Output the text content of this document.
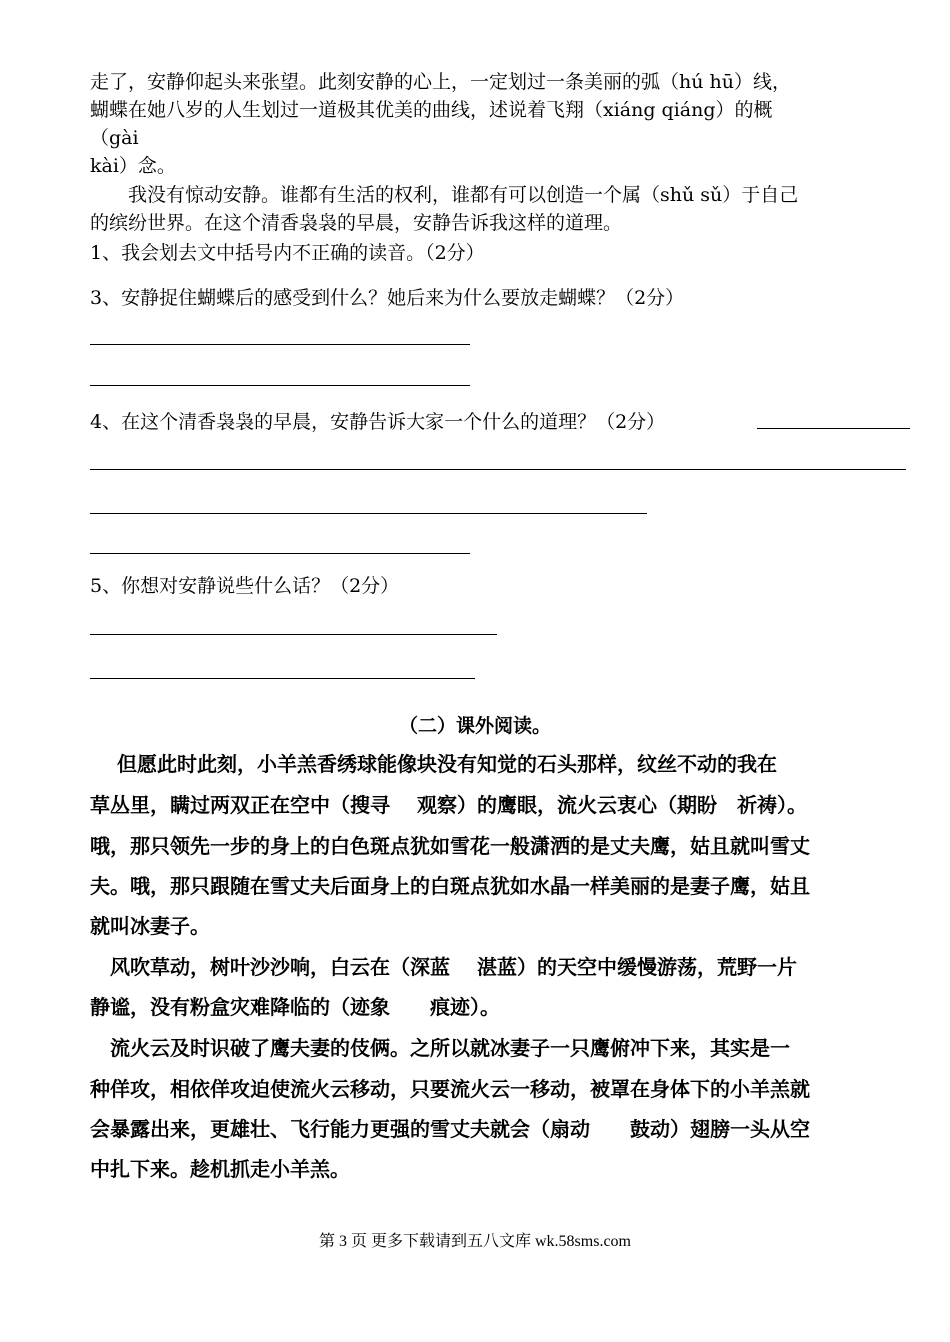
走了，安静仰起头来张望。此刻安静的心上，一定划过一条美丽的弧（hú hū）线，
蝴蝶在她八岁的人生划过一道极其优美的曲线，述说着飞翔（xiáng qiáng）的概
（gài
kài）念。
　　我没有惊动安静。谁都有生活的权利，谁都有可以创造一个属（shǔ sǔ）于自己
的缤纷世界。在这个清香袅袅的早晨，安静告诉我这样的道理。
1、我会划去文中括号内不正确的读音。（2分）
3、安静捉住蝴蝶后的感受到什么？她后来为什么要放走蝴蝶？（2分）
4、在这个清香袅袅的早晨，安静告诉大家一个什么的道理？（2分）
5、你想对安静说些什么话？（2分）
（二）课外阅读。
　 但愿此时此刻，小羊羔香绣球能像块没有知觉的石头那样，纹丝不动的我在
草丛里，瞒过两双正在空中（搜寻　 观察）的鹰眼，流火云衷心（期盼　祈祷）。
哦，那只领先一步的身上的白色斑点犹如雪花一般潇洒的是丈夫鹰，姑且就叫雪丈
夫。哦，那只跟随在雪丈夫后面身上的白斑点犹如水晶一样美丽的是妻子鹰，姑且
就叫冰妻子。
　风吹草动，树叶沙沙响，白云在（深蓝　 湛蓝）的天空中缓慢游荡，荒野一片
静谧，没有粉盒灾难降临的（迹象　　痕迹）。
　流火云及时识破了鹰夫妻的伎俩。之所以就冰妻子一只鹰俯冲下来，其实是一
种佯攻，相依佯攻迫使流火云移动，只要流火云一移动，被罩在身体下的小羊羔就
会暴露出来，更雄壮、飞行能力更强的雪丈夫就会（扇动　　鼓动）翅膀一头从空
中扎下来。趁机抓走小羊羔。
第 3 页 更多下载请到五八文库 wk.58sms.com
